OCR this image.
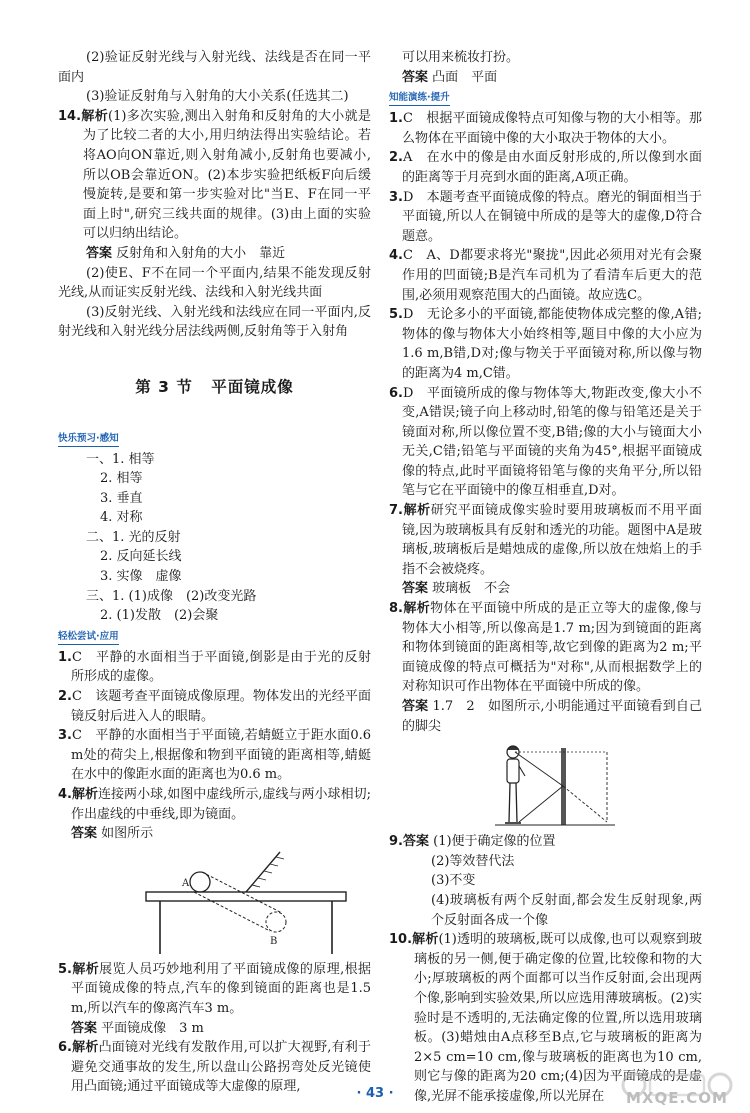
(2)验证反射光线与入射光线、法线是否在同一平面内

(3)验证反射角与入射角的大小关系(任选其二)

14.解析(1)多次实验,测出入射角和反射角的大小就是为了比较二者的大小,用归纳法得出实验结论。若将AO向ON靠近,则入射角减小,反射角也要减小,所以OB会靠近ON。(2)本步实验把纸板F向后缓慢旋转,是要和第一步实验对比"当E、F在同一平面上时",研究三线共面的规律。(3)由上面的实验可以归纳出结论。

答案 反射角和入射角的大小　靠近

(2)使E、F不在同一个平面内,结果不能发现反射光线,从而证实反射光线、法线和入射光线共面

(3)反射光线、入射光线和法线应在同一平面内,反射光线和入射光线分居法线两侧,反射角等于入射角

第 3 节 平面镜成像
快乐预习·感知

一、1. 相等

2. 相等

3. 垂直

4. 对称

二、1. 光的反射

2. 反向延长线

3. 实像　虚像

三、1. (1)成像　(2)改变光路

2. (1)发散　(2)会聚

轻松尝试·应用

1.C　平静的水面相当于平面镜,倒影是由于光的反射所形成的虚像。

2.C　该题考查平面镜成像原理。物体发出的光经平面镜反射后进入人的眼睛。

3.C　平静的水面相当于平面镜,若蜻蜓立于距水面0.6 m处的荷尖上,根据像和物到平面镜的距离相等,蜻蜓在水中的像距水面的距离也为0.6 m。

4.解析连接两小球,如图中虚线所示,虚线与两小球相切;作出虚线的中垂线,即为镜面。

答案 如图所示

A
B

5.解析展览人员巧妙地利用了平面镜成像的原理,根据平面镜成像的特点,汽车的像到镜面的距离也是1.5 m,所以汽车的像离汽车3 m。

答案 平面镜成像　3 m

6.解析凸面镜对光线有发散作用,可以扩大视野,有利于避免交通事故的发生,所以盘山公路拐弯处反光镜使用凸面镜;通过平面镜成等大虚像的原理,

可以用来梳妆打扮。

答案 凸面　平面

知能演练·提升

1.C　根据平面镜成像特点可知像与物的大小相等。那么物体在平面镜中像的大小取决于物体的大小。

2.A　在水中的像是由水面反射形成的,所以像到水面的距离等于月亮到水面的距离,A项正确。

3.D　本题考查平面镜成像的特点。磨光的铜面相当于平面镜,所以人在铜镜中所成的是等大的虚像,D符合题意。

4.C　A、D都要求将光"聚拢",因此必须用对光有会聚作用的凹面镜;B是汽车司机为了看清车后更大的范围,必须用观察范围大的凸面镜。故应选C。

5.D　无论多小的平面镜,都能使物体成完整的像,A错;物体的像与物体大小始终相等,题目中像的大小应为1.6 m,B错,D对;像与物关于平面镜对称,所以像与物的距离为4 m,C错。

6.D　平面镜所成的像与物体等大,物距改变,像大小不变,A错误;镜子向上移动时,铅笔的像与铅笔还是关于镜面对称,所以像位置不变,B错;像的大小与镜面大小无关,C错;铅笔与平面镜的夹角为45°,根据平面镜成像的特点,此时平面镜将铅笔与像的夹角平分,所以铅笔与它在平面镜中的像互相垂直,D对。

7.解析研究平面镜成像实验时要用玻璃板而不用平面镜,因为玻璃板具有反射和透光的功能。题图中A是玻璃板,玻璃板后是蜡烛成的虚像,所以放在烛焰上的手指不会被烧疼。

答案 玻璃板　不会

8.解析物体在平面镜中所成的是正立等大的虚像,像与物体大小相等,所以像高是1.7 m;因为到镜面的距离和物体到镜面的距离相等,故它到像的距离为2 m;平面镜成像的特点可概括为"对称",从而根据数学上的对称知识可作出物体在平面镜中所成的像。

答案 1.7　2　如图所示,小明能通过平面镜看到自己的脚尖

9.答案 (1)便于确定像的位置

(2)等效替代法

(3)不变

(4)玻璃板有两个反射面,都会发生反射现象,两个反射面各成一个像

10.解析(1)透明的玻璃板,既可以成像,也可以观察到玻璃板的另一侧,便于确定像的位置,比较像和物的大小;厚玻璃板的两个面都可以当作反射面,会出现两个像,影响到实验效果,所以应选用薄玻璃板。(2)实验时是不透明的,无法确定像的位置,所以选用玻璃板。(3)蜡烛由A点移至B点,它与玻璃板的距离为2×5 cm=10 cm,像与玻璃板的距离也为10 cm,则它与像的距离为20 cm;(4)因为平面镜成的是虚像,光屏不能承接虚像,所以光屏在

· 43 ·	MXQE.COM
